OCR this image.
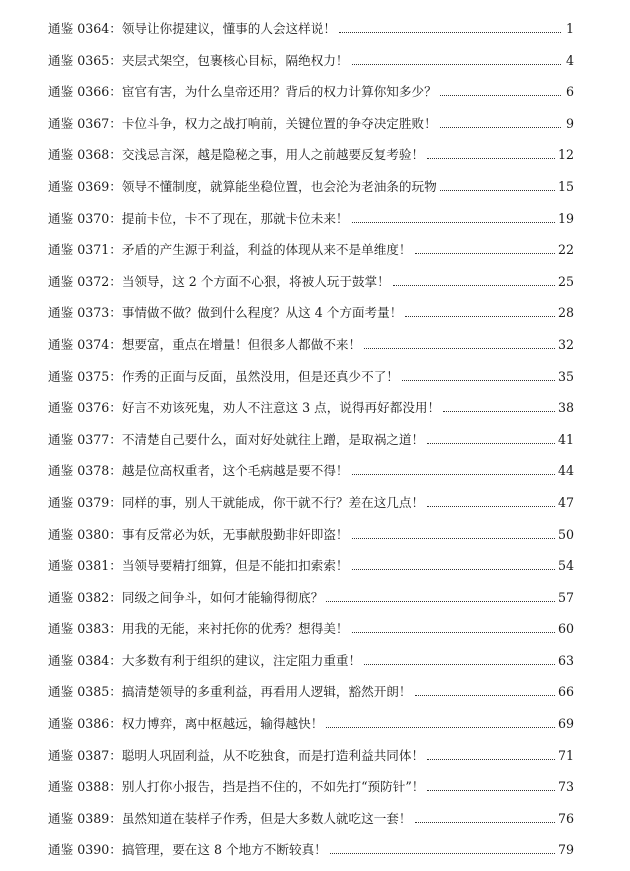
通鉴 0364：领导让你提建议，懂事的人会这样说！	1
通鉴 0365：夹层式架空，包裹核心目标，隔绝权力！	4
通鉴 0366：宦官有害，为什么皇帝还用？背后的权力计算你知多少？	6
通鉴 0367：卡位斗争，权力之战打响前，关键位置的争夺决定胜败！	9
通鉴 0368：交浅忌言深，越是隐秘之事，用人之前越要反复考验！	12
通鉴 0369：领导不懂制度，就算能坐稳位置，也会沦为老油条的玩物	15
通鉴 0370：提前卡位，卡不了现在，那就卡位未来！	19
通鉴 0371：矛盾的产生源于利益，利益的体现从来不是单维度！	22
通鉴 0372：当领导，这 2 个方面不心狠，将被人玩于鼓掌！	25
通鉴 0373：事情做不做？做到什么程度？从这 4 个方面考量！	28
通鉴 0374：想要富，重点在增量！但很多人都做不来！	32
通鉴 0375：作秀的正面与反面，虽然没用，但是还真少不了！	35
通鉴 0376：好言不劝该死鬼，劝人不注意这 3 点，说得再好都没用！	38
通鉴 0377：不清楚自己要什么，面对好处就往上蹭，是取祸之道！	41
通鉴 0378：越是位高权重者，这个毛病越是要不得！	44
通鉴 0379：同样的事，别人干就能成，你干就不行？差在这几点！	47
通鉴 0380：事有反常必为妖，无事献殷勤非奸即盗！	50
通鉴 0381：当领导要精打细算，但是不能扣扣索索！	54
通鉴 0382：同级之间争斗，如何才能输得彻底？	57
通鉴 0383：用我的无能，来衬托你的优秀？想得美！	60
通鉴 0384：大多数有利于组织的建议，注定阻力重重！	63
通鉴 0385：搞清楚领导的多重利益，再看用人逻辑，豁然开朗！	66
通鉴 0386：权力博弈，离中枢越远，输得越快！	69
通鉴 0387：聪明人巩固利益，从不吃独食，而是打造利益共同体！	71
通鉴 0388：别人打你小报告，挡是挡不住的，不如先打“预防针”！	73
通鉴 0389：虽然知道在装样子作秀，但是大多数人就吃这一套！	76
通鉴 0390：搞管理，要在这 8 个地方不断较真！	79
